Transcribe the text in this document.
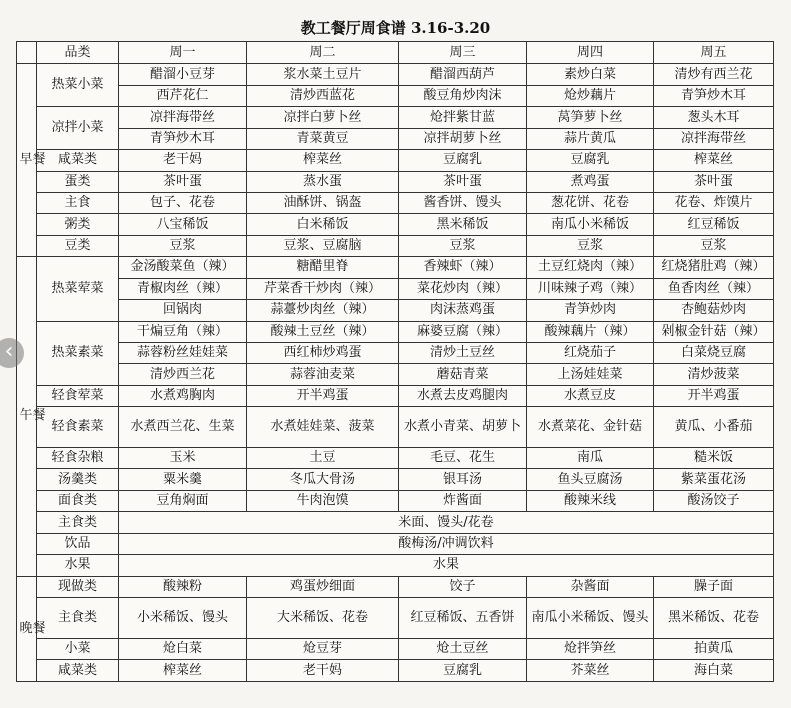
教工餐厅周食谱 3.16-3.20
	品类	周一	周二	周三	周四	周五

早餐	热菜小菜	醋溜小豆芽	浆水菜土豆片	醋溜西葫芦	素炒白菜	清炒有西兰花
		西芹花仁	清炒西蓝花	酸豆角炒肉沫	炝炒藕片	青笋炒木耳
	凉拌小菜	凉拌海带丝	凉拌白萝卜丝	炝拌紫甘蓝	莴笋萝卜丝	葱头木耳
		青笋炒木耳	青菜黄豆	凉拌胡萝卜丝	蒜片黄瓜	凉拌海带丝
	咸菜类	老干妈	榨菜丝	豆腐乳	豆腐乳	榨菜丝
	蛋类	茶叶蛋	蒸水蛋	茶叶蛋	煮鸡蛋	茶叶蛋
	主食	包子、花卷	油酥饼、锅盔	酱香饼、馒头	葱花饼、花卷	花卷、炸馍片
	粥类	八宝稀饭	白米稀饭	黑米稀饭	南瓜小米稀饭	红豆稀饭
	豆类	豆浆	豆浆、豆腐脑	豆浆	豆浆	豆浆

午餐	热菜荤菜	金汤酸菜鱼（辣）	糖醋里脊	香辣虾（辣）	土豆红烧肉（辣）	红烧猪肚鸡（辣）
		青椒肉丝（辣）	芹菜香干炒肉（辣）	菜花炒肉（辣）	川味辣子鸡（辣）	鱼香肉丝（辣）
		回锅肉	蒜薹炒肉丝（辣）	肉沫蒸鸡蛋	青笋炒肉	杏鲍菇炒肉
	热菜素菜	干煸豆角（辣）	酸辣土豆丝（辣）	麻婆豆腐（辣）	酸辣藕片（辣）	剁椒金针菇（辣）
		蒜蓉粉丝娃娃菜	西红柿炒鸡蛋	清炒土豆丝	红烧茄子	白菜烧豆腐
		清炒西兰花	蒜蓉油麦菜	蘑菇青菜	上汤娃娃菜	清炒菠菜
	轻食荤菜	水煮鸡胸肉	开半鸡蛋	水煮去皮鸡腿肉	水煮豆皮	开半鸡蛋
	轻食素菜	水煮西兰花、生菜	水煮娃娃菜、菠菜	水煮小青菜、胡萝卜	水煮菜花、金针菇	黄瓜、小番茄
	轻食杂粮	玉米	土豆	毛豆、花生	南瓜	糙米饭
	汤羹类	粟米羹	冬瓜大骨汤	银耳汤	鱼头豆腐汤	紫菜蛋花汤
	面食类	豆角焖面	牛肉泡馍	炸酱面	酸辣米线	酸汤饺子
	主食类	米面、馒头/花卷				
	饮品	酸梅汤/冲调饮料				
	水果	水果				

晚餐	现做类	酸辣粉	鸡蛋炒细面	饺子	杂酱面	臊子面
	主食类	小米稀饭、馒头	大米稀饭、花卷	红豆稀饭、五香饼	南瓜小米稀饭、馒头	黑米稀饭、花卷
	小菜	炝白菜	炝豆芽	炝土豆丝	炝拌笋丝	拍黄瓜
	咸菜类	榨菜丝	老干妈	豆腐乳	芥菜丝	海白菜
‹
